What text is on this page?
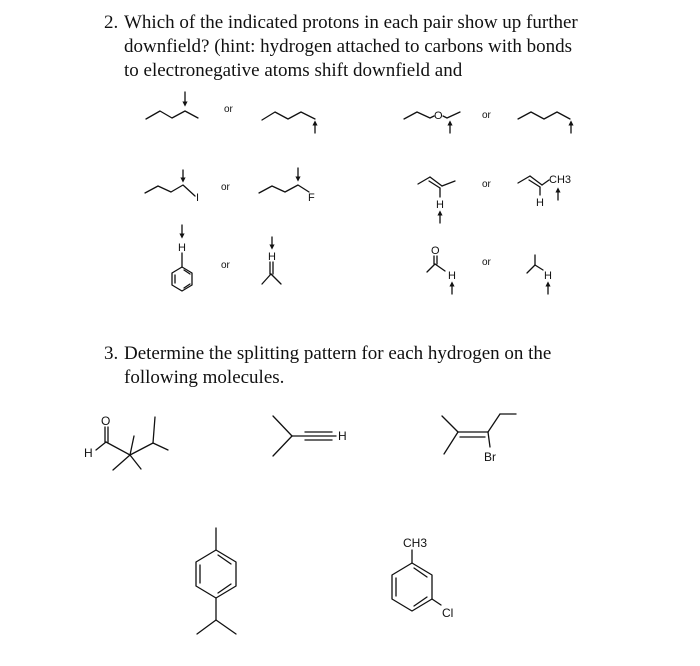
2. Which of the indicated protons in each pair show up further
downfield? (hint: hydrogen attached to carbons with bonds
to electronegative atoms shift downfield and
3. Determine the splitting pattern for each hydrogen on the
following molecules.
or
or
or	or
or	or
O
I	F
H
CH3
H
H
H	O
H	H
O
H
H
Br
CH3
Cl
